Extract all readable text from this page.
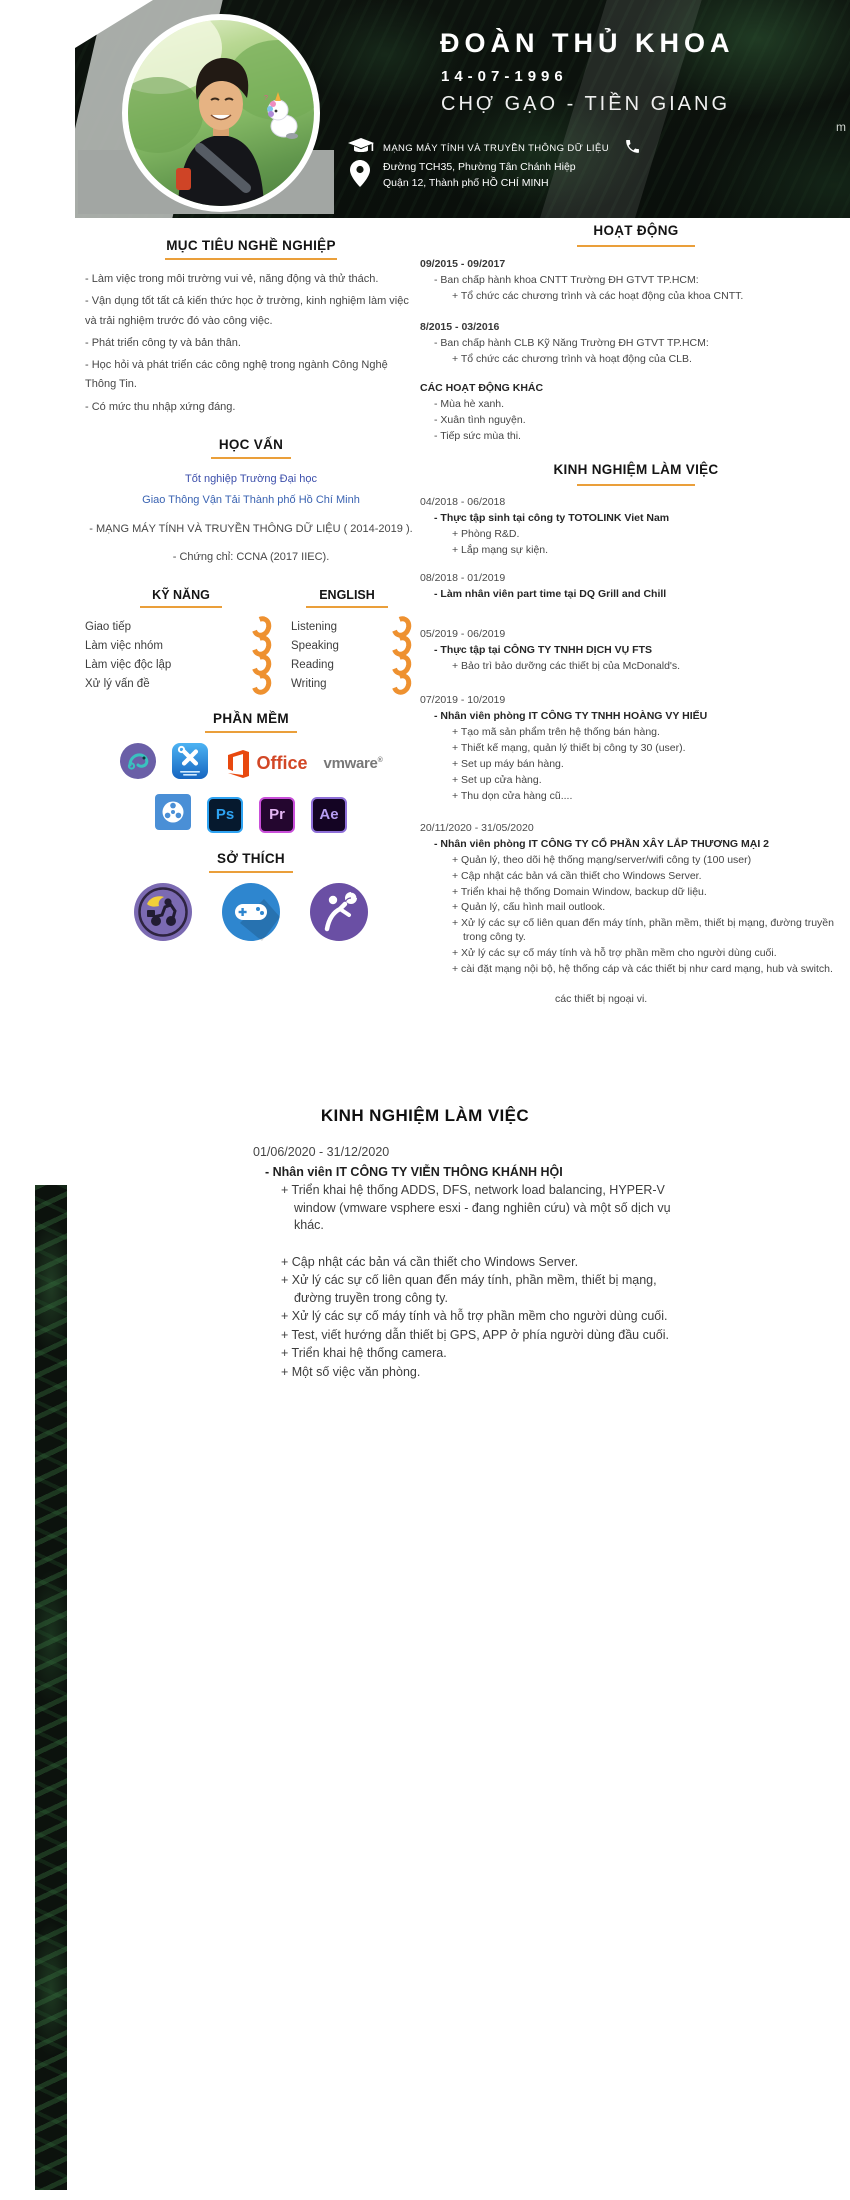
?
ĐOÀN THỦ KHOA
14-07-1996
CHỢ GẠO - TIỀN GIANG
MẠNG MÁY TÍNH VÀ TRUYỀN THÔNG DỮ LIỆU
Đường TCH35, Phường Tân Chánh Hiệp
Quận 12, Thành phố HỒ CHÍ MINH
m
MỤC TIÊU NGHỀ NGHIỆP
- Làm việc trong môi trường vui vẻ, năng động và thử thách.
- Vận dụng tốt tất cả kiến thức học ở trường, kinh nghiệm làm việc và trải nghiệm trước đó vào công việc.
- Phát triển công ty và bản thân.
- Học hỏi và phát triển các công nghệ trong ngành Công Nghệ Thông Tin.
- Có mức thu nhập xứng đáng.
HỌC VẤN
Tốt nghiệp Trường Đại học
Giao Thông Vận Tải Thành phố Hồ Chí Minh
- MẠNG MÁY TÍNH VÀ TRUYỀN THÔNG DỮ LIỆU ( 2014-2019 ).
- Chứng chỉ: CCNA (2017 IIEC).
KỸ NĂNG
Giao tiếp
Làm việc nhóm
Làm việc độc lập
Xử lý vấn đề
ENGLISH
Listening
Speaking
Reading
Writing
PHẦN MỀM
Office vmware®
Ps Pr Ae
SỞ THÍCH
HOẠT ĐỘNG
09/2015 - 09/2017
- Ban chấp hành khoa CNTT Trường ĐH GTVT TP.HCM:
+ Tổ chức các chương trình và các hoạt động của khoa CNTT.
8/2015 - 03/2016
- Ban chấp hành CLB Kỹ Năng Trường ĐH GTVT TP.HCM:
+ Tổ chức các chương trình và hoạt động của CLB.
CÁC HOẠT ĐỘNG KHÁC
- Mùa hè xanh.
- Xuân tình nguyện.
- Tiếp sức mùa thi.
KINH NGHIỆM LÀM VIỆC
04/2018 - 06/2018
- Thực tập sinh tại công ty TOTOLINK Viet Nam
+ Phòng R&D.
+ Lắp mạng sự kiện.
08/2018 - 01/2019
- Làm nhân viên part time tại DQ Grill and Chill
05/2019 - 06/2019
- Thực tập tại CÔNG TY TNHH DỊCH VỤ FTS
+ Bảo trì bảo dưỡng các thiết bị của McDonald's.
07/2019 - 10/2019
- Nhân viên phòng IT CÔNG TY TNHH HOÀNG VY HIẾU
+ Tạo mã sản phẩm trên hệ thống bán hàng.
+ Thiết kế mạng, quản lý thiết bị công ty 30 (user).
+ Set up máy bán hàng.
+ Set up cửa hàng.
+ Thu dọn cửa hàng cũ....
20/11/2020 - 31/05/2020
- Nhân viên phòng IT CÔNG TY CỔ PHẦN XÂY LẮP THƯƠNG MẠI 2
+ Quản lý, theo dõi hệ thống mạng/server/wifi công ty (100 user)
+ Cập nhật các bản vá cần thiết cho Windows Server.
+ Triển khai hệ thống Domain Window, backup dữ liệu.
+ Quản lý, cấu hình mail outlook.
+ Xử lý các sự cố liên quan đến máy tính, phần mềm, thiết bị mạng, đường truyền trong công ty.
+ Xử lý các sự cố máy tính và hỗ trợ phần mềm cho người dùng cuối.
+ cài đặt mạng nội bộ, hệ thống cáp và các thiết bị như card mạng, hub và switch.
các thiết bị ngoại vi.
KINH NGHIỆM LÀM VIỆC
01/06/2020 - 31/12/2020
- Nhân viên IT CÔNG TY VIỄN THÔNG KHÁNH HỘI
+ Triển khai hệ thống ADDS, DFS, network load balancing, HYPER-V window (vmware vsphere esxi - đang nghiên cứu) và một số dịch vụ khác.
+ Cập nhật các bản vá cần thiết cho Windows Server.
+ Xử lý các sự cố liên quan đến máy tính, phần mềm, thiết bị mạng, đường truyền trong công ty.
+ Xử lý các sự cố máy tính và hỗ trợ phần mềm cho người dùng cuối.
+ Test, viết hướng dẫn thiết bị GPS, APP ở phía người dùng đầu cuối.
+ Triển khai hệ thống camera.
+ Một số việc văn phòng.
